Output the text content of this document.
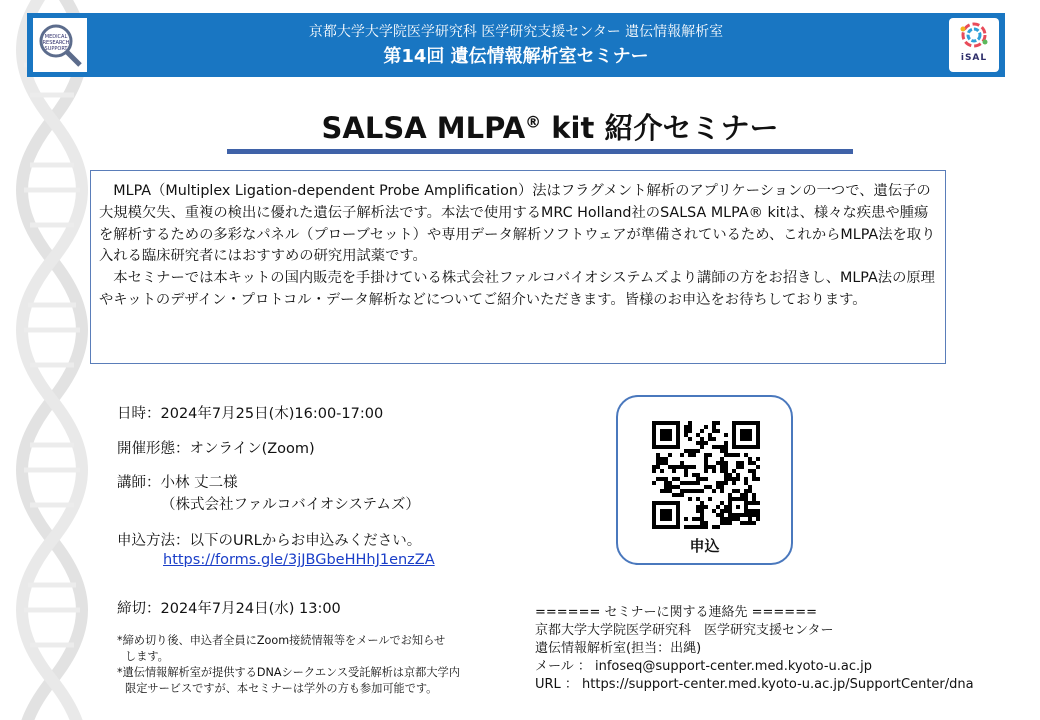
MEDICAL
RESEARCH
SUPPORT
京都大学大学院医学研究科 医学研究支援センター 遺伝情報解析室
第14回 遺伝情報解析室セミナー	iSAL
SALSA MLPA® kit 紹介セミナー

MLPA（Multiplex Ligation-dependent Probe Amplification）法はフラグメント解析のアプリケーションの一つで、遺伝子の大規模欠失、重複の検出に優れた遺伝子解析法です。本法で使用するMRC Holland社のSALSA MLPA® kitは、様々な疾患や腫瘍を解析するための多彩なパネル（プローブセット）や専用データ解析ソフトウェアが準備されているため、これからMLPA法を取り入れる臨床研究者にはおすすめの研究用試薬です。

本セミナーでは本キットの国内販売を手掛けている株式会社ファルコバイオシステムズより講師の方をお招きし、MLPA法の原理やキットのデザイン・プロトコル・データ解析などについてご紹介いただきます。皆様のお申込をお待ちしております。

日時：2024年7月25日(木)16:00-17:00
開催形態：オンライン(Zoom)
講師：小林 丈二様
（株式会社ファルコバイオシステムズ）
申込方法：以下のURLからお申込みください。
https://forms.gle/3jJBGbeHHhJ1enzZA
締切：2024年7月24日(水) 13:00
申込
*締め切り後、申込者全員にZoom接続情報等をメールでお知らせ
します。
*遺伝情報解析室が提供するDNAシークエンス受託解析は京都大学内
限定サービスですが、本セミナーは学外の方も参加可能です。
====== セミナーに関する連絡先 ======
京都大学大学院医学研究科　医学研究支援センター
遺伝情報解析室(担当：出縄)
メール ： infoseq@support-center.med.kyoto-u.ac.jp
URL ： https://support-center.med.kyoto-u.ac.jp/SupportCenter/dna
